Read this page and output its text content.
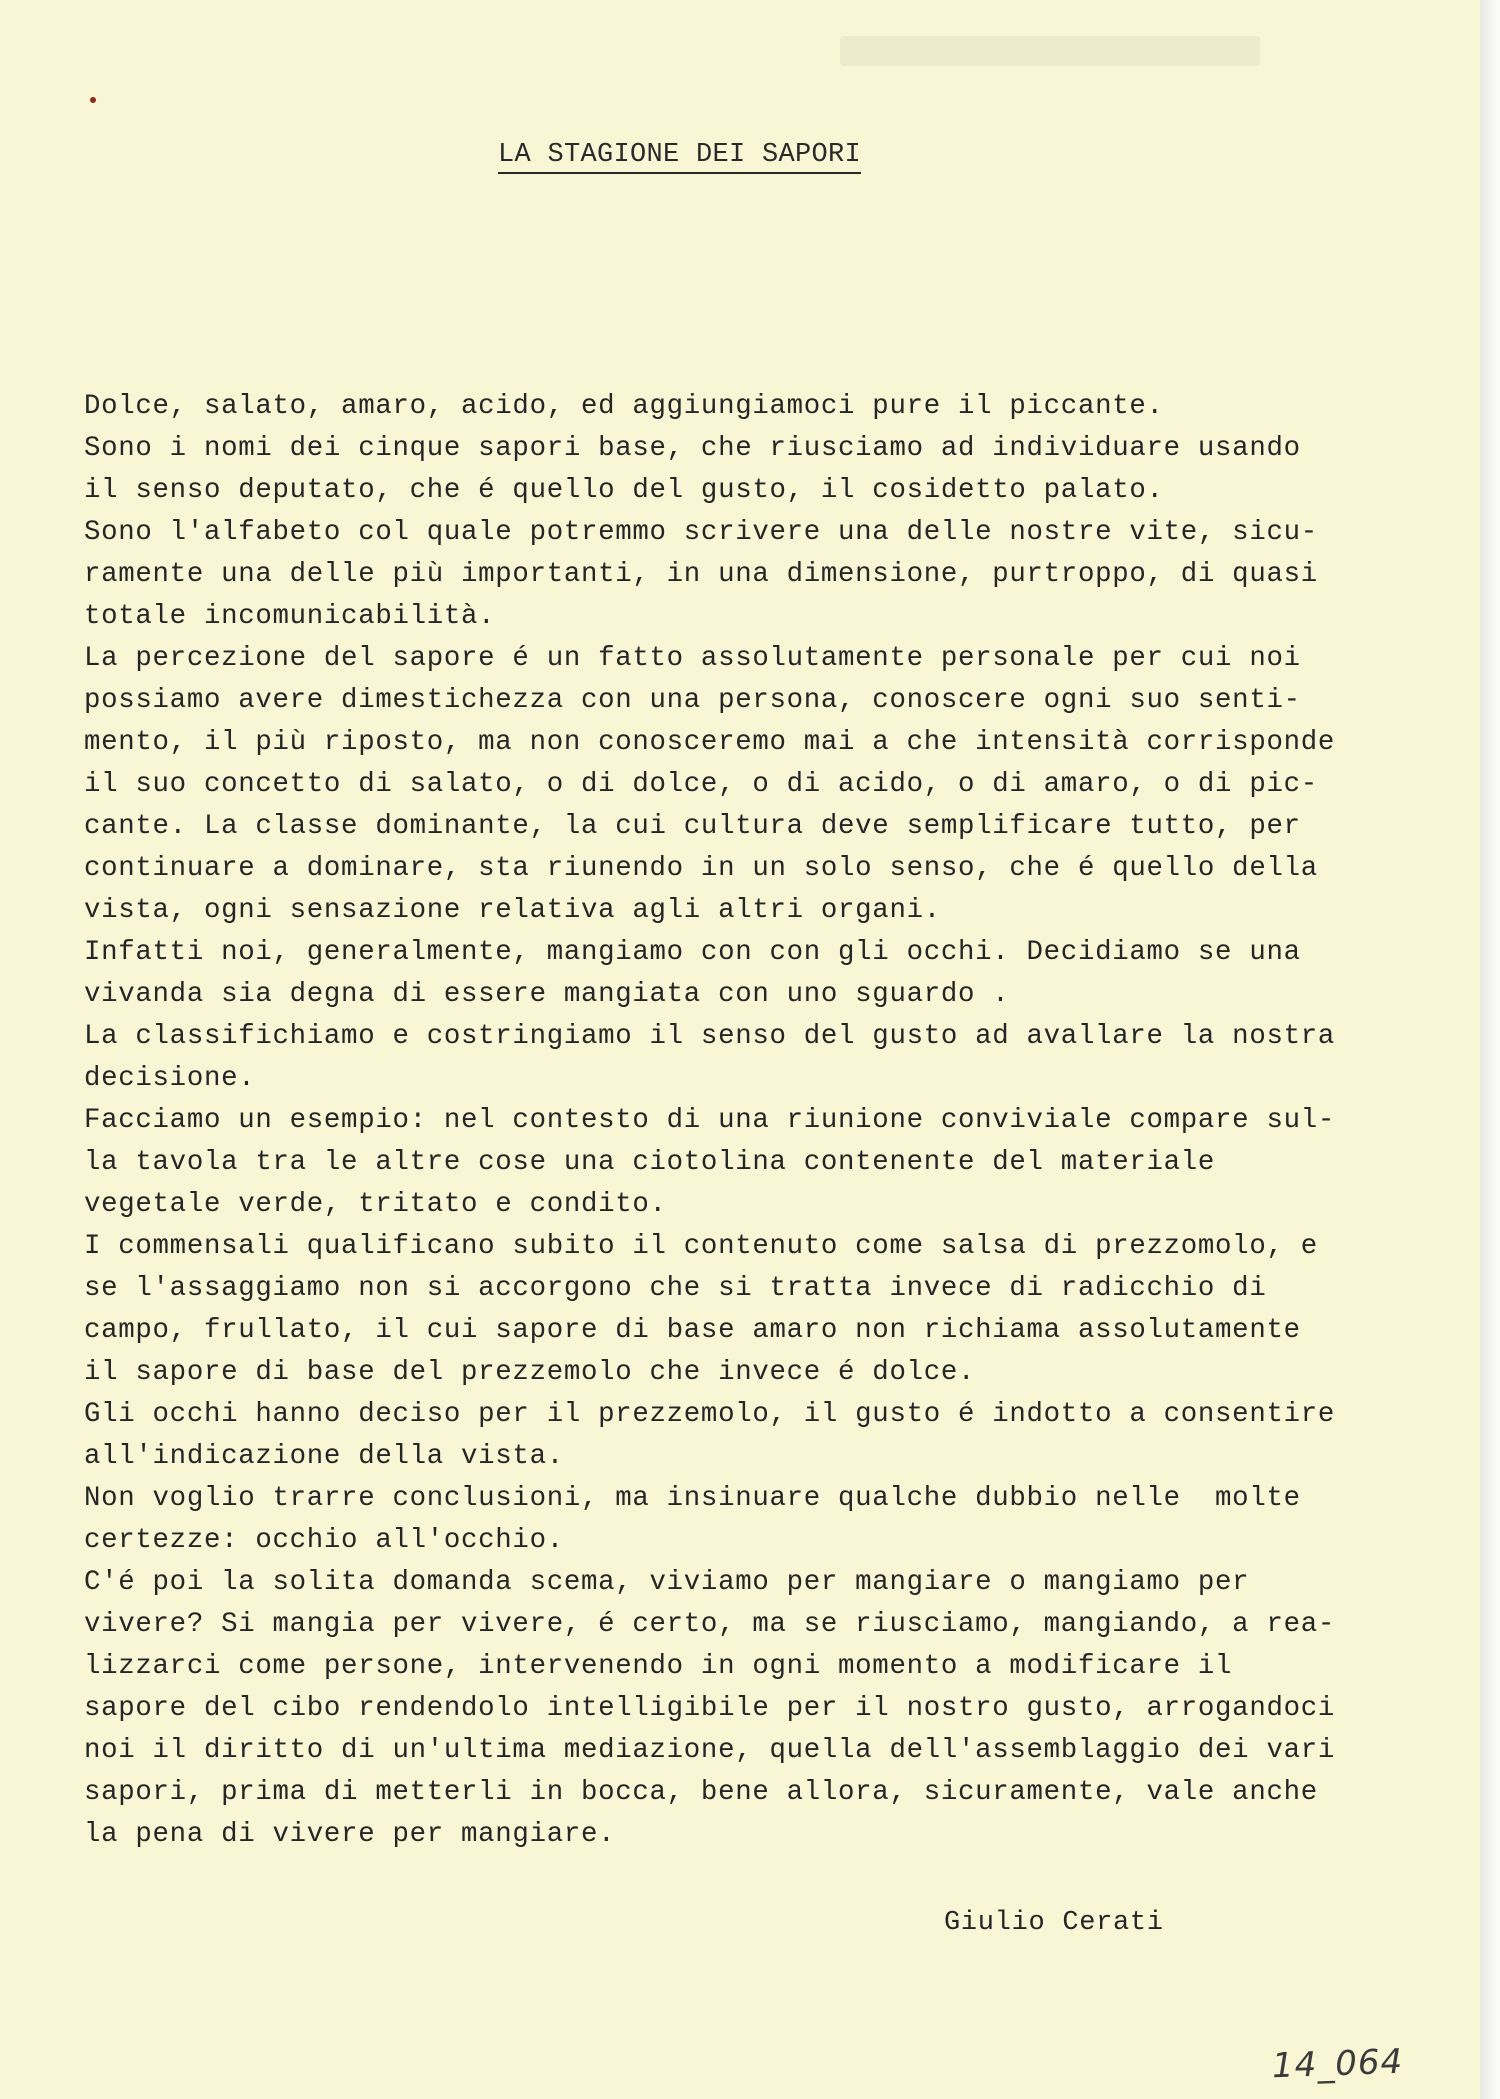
LA STAGIONE DEI SAPORI
Dolce, salato, amaro, acido, ed aggiungiamoci pure il piccante.
Sono i nomi dei cinque sapori base, che riusciamo ad individuare usando
il senso deputato, che é quello del gusto, il cosidetto palato.
Sono l'alfabeto col quale potremmo scrivere una delle nostre vite, sicu-
ramente una delle più importanti, in una dimensione, purtroppo, di quasi
totale incomunicabilità.
La percezione del sapore é un fatto assolutamente personale per cui noi
possiamo avere dimestichezza con una persona, conoscere ogni suo senti-
mento, il più riposto, ma non conosceremo mai a che intensità corrisponde
il suo concetto di salato, o di dolce, o di acido, o di amaro, o di pic-
cante. La classe dominante, la cui cultura deve semplificare tutto, per
continuare a dominare, sta riunendo in un solo senso, che é quello della
vista, ogni sensazione relativa agli altri organi.
Infatti noi, generalmente, mangiamo con con gli occhi. Decidiamo se una
vivanda sia degna di essere mangiata con uno sguardo .
La classifichiamo e costringiamo il senso del gusto ad avallare la nostra
decisione.
Facciamo un esempio: nel contesto di una riunione conviviale compare sul-
la tavola tra le altre cose una ciotolina contenente del materiale
vegetale verde, tritato e condito.
I commensali qualificano subito il contenuto come salsa di prezzomolo, e
se l'assaggiamo non si accorgono che si tratta invece di radicchio di
campo, frullato, il cui sapore di base amaro non richiama assolutamente
il sapore di base del prezzemolo che invece é dolce.
Gli occhi hanno deciso per il prezzemolo, il gusto é indotto a consentire
all'indicazione della vista.
Non voglio trarre conclusioni, ma insinuare qualche dubbio nelle  molte
certezze: occhio all'occhio.
C'é poi la solita domanda scema, viviamo per mangiare o mangiamo per
vivere? Si mangia per vivere, é certo, ma se riusciamo, mangiando, a rea-
lizzarci come persone, intervenendo in ogni momento a modificare il
sapore del cibo rendendolo intelligibile per il nostro gusto, arrogandoci
noi il diritto di un'ultima mediazione, quella dell'assemblaggio dei vari
sapori, prima di metterli in bocca, bene allora, sicuramente, vale anche
la pena di vivere per mangiare.
Giulio Cerati
14_064
